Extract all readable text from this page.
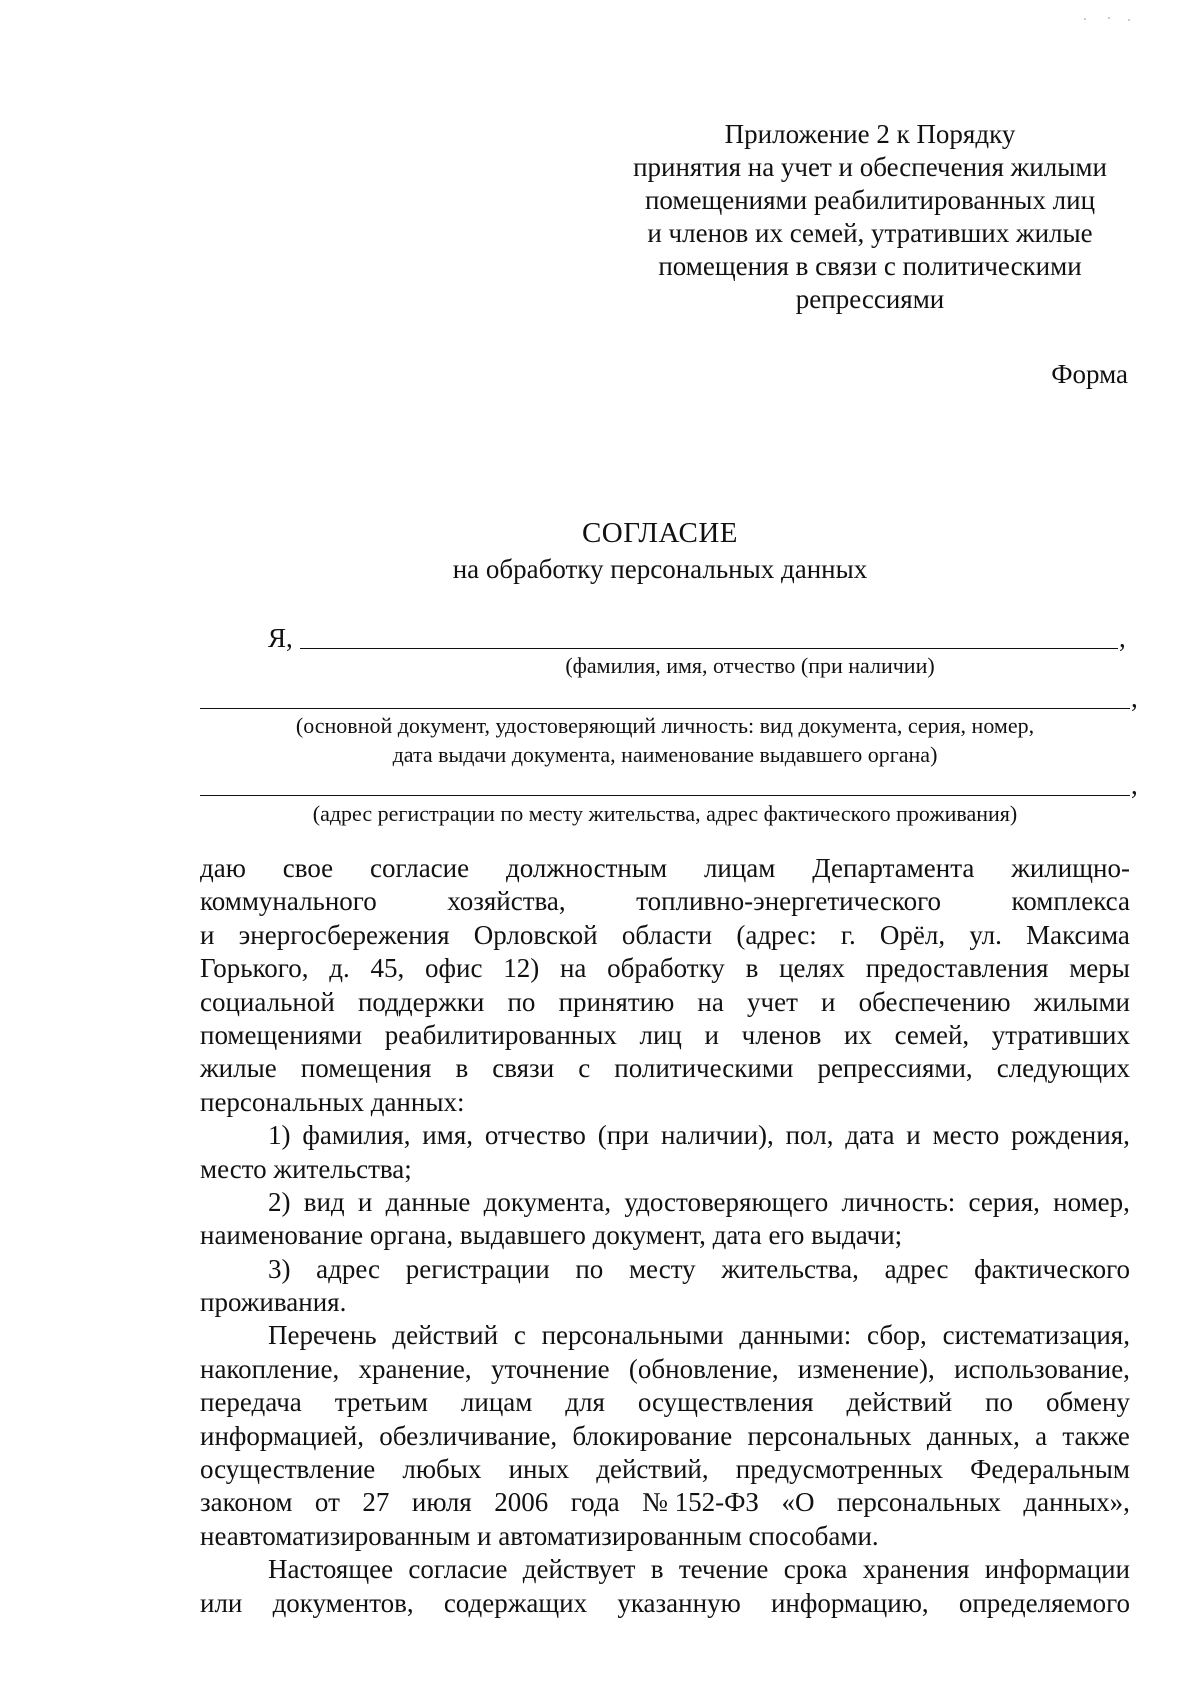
Приложение 2 к Порядку
принятия на учет и обеспечения жилыми
помещениями реабилитированных лиц
и членов их семей, утративших жилые
помещения в связи с политическими
репрессиями
Форма
СОГЛАСИЕ
на обработку персональных данных
Я,	,
(фамилия, имя, отчество (при наличии)
,
(основной документ, удостоверяющий личность: вид документа, серия, номер,
дата выдачи документа, наименование выдавшего органа)
,
(адрес регистрации по месту жительства, адрес фактического проживания)
даю свое согласие должностным лицам Департамента жилищно-
коммунального	хозяйства,	топливно-энергетического	комплекса
и энергосбережения Орловской области (адрес: г. Орёл, ул. Максима
Горького, д. 45, офис 12) на обработку в целях предоставления меры
социальной поддержки по принятию на учет и обеспечению жилыми
помещениями реабилитированных лиц и членов их семей, утративших
жилые помещения в связи с политическими репрессиями, следующих
персональных данных:
1) фамилия, имя, отчество (при наличии), пол, дата и место рождения,
место жительства;
2) вид и данные документа, удостоверяющего личность: серия, номер,
наименование органа, выдавшего документ, дата его выдачи;
3) адрес регистрации по месту жительства, адрес фактического
проживания.
Перечень действий с персональными данными: сбор, систематизация,
накопление, хранение, уточнение (обновление, изменение), использование,
передача третьим лицам для осуществления действий по обмену
информацией, обезличивание, блокирование персональных данных, а также
осуществление любых иных действий, предусмотренных Федеральным
законом от 27 июля 2006 года № 152-ФЗ «О персональных данных»,
неавтоматизированным и автоматизированным способами.
Настоящее согласие действует в течение срока хранения информации
или документов, содержащих указанную информацию, определяемого
